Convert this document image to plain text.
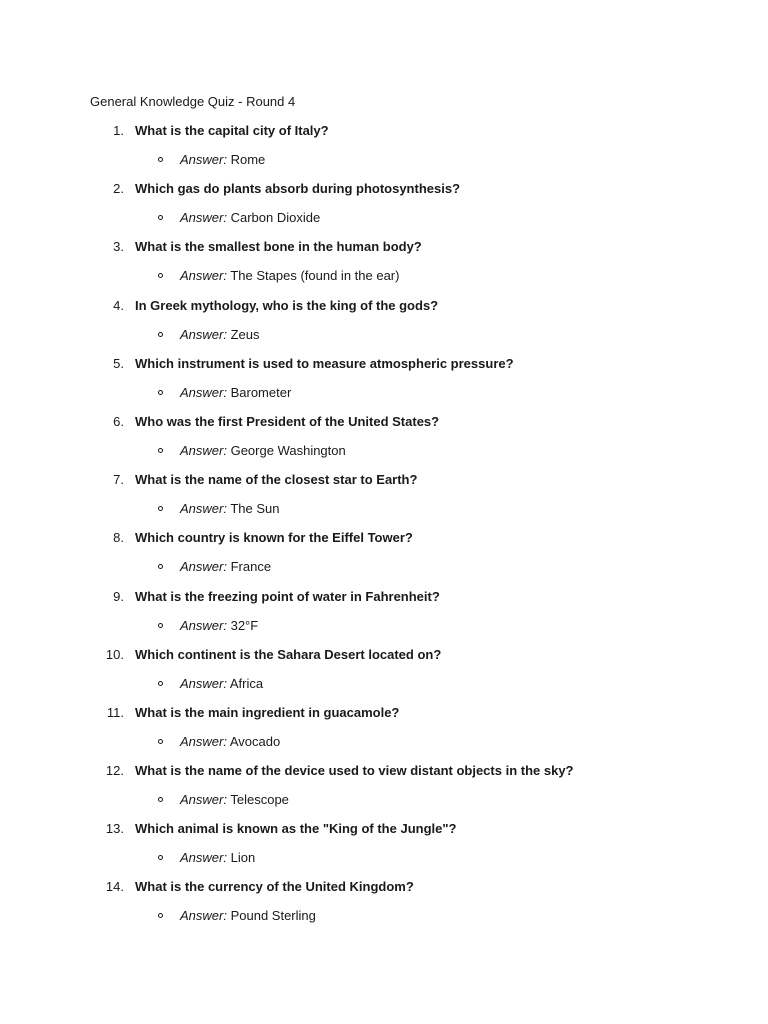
General Knowledge Quiz - Round 4
1. What is the capital city of Italy?
Answer: Rome
2. Which gas do plants absorb during photosynthesis?
Answer: Carbon Dioxide
3. What is the smallest bone in the human body?
Answer: The Stapes (found in the ear)
4. In Greek mythology, who is the king of the gods?
Answer: Zeus
5. Which instrument is used to measure atmospheric pressure?
Answer: Barometer
6. Who was the first President of the United States?
Answer: George Washington
7. What is the name of the closest star to Earth?
Answer: The Sun
8. Which country is known for the Eiffel Tower?
Answer: France
9. What is the freezing point of water in Fahrenheit?
Answer: 32°F
10. Which continent is the Sahara Desert located on?
Answer: Africa
11. What is the main ingredient in guacamole?
Answer: Avocado
12. What is the name of the device used to view distant objects in the sky?
Answer: Telescope
13. Which animal is known as the "King of the Jungle"?
Answer: Lion
14. What is the currency of the United Kingdom?
Answer: Pound Sterling
